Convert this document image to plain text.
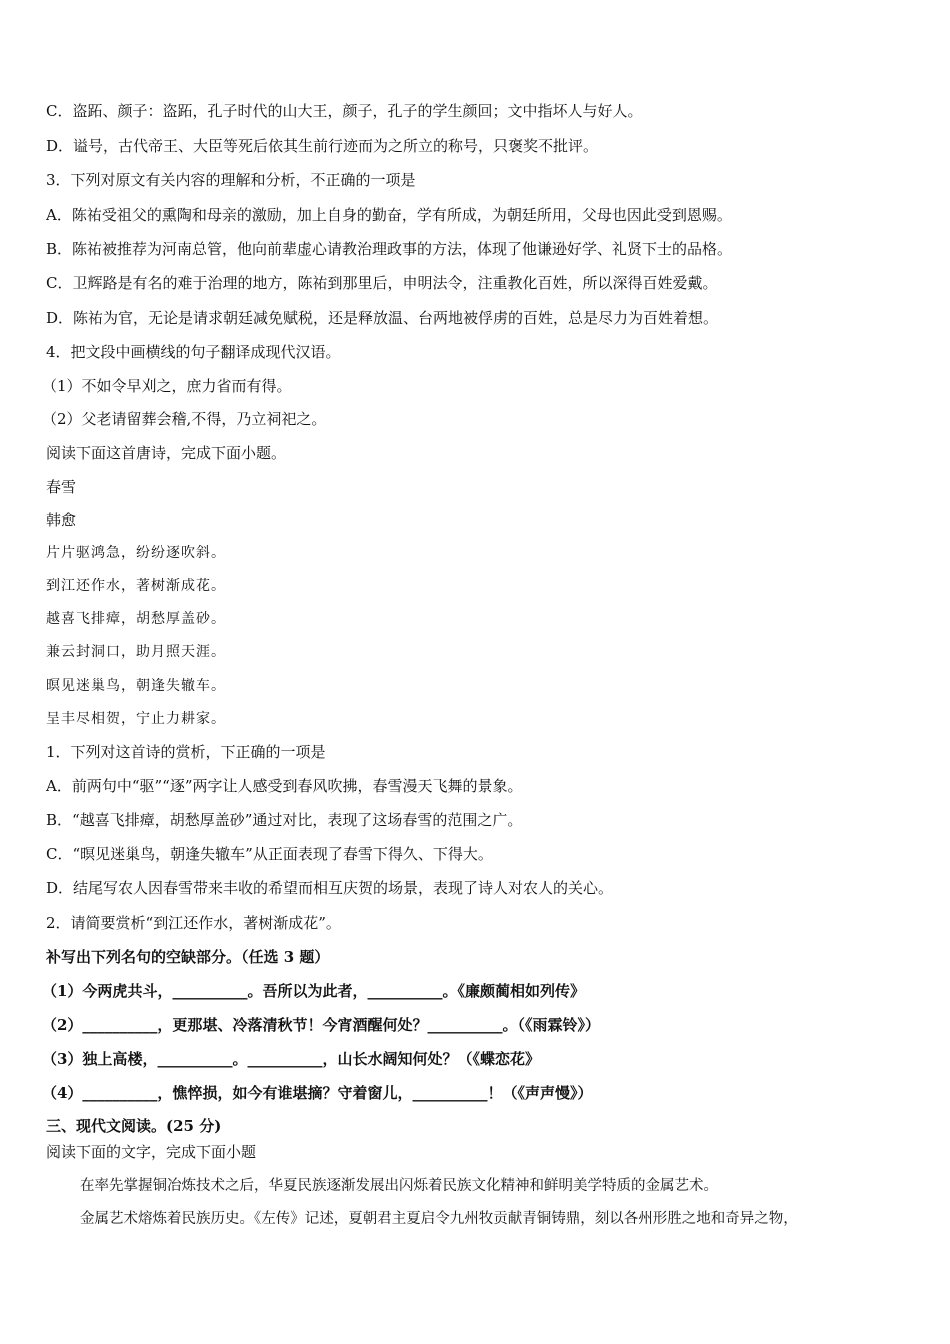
C．盗跖、颜子：盗跖，孔子时代的山大王，颜子，孔子的学生颜回；文中指坏人与好人。
D．谥号，古代帝王、大臣等死后依其生前行迹而为之所立的称号，只褒奖不批评。
3．下列对原文有关内容的理解和分析，不正确的一项是
A．陈祐受祖父的熏陶和母亲的激励，加上自身的勤奋，学有所成，为朝廷所用，父母也因此受到恩赐。
B．陈祐被推荐为河南总管，他向前辈虚心请教治理政事的方法，体现了他谦逊好学、礼贤下士的品格。
C．卫辉路是有名的难于治理的地方，陈祐到那里后，申明法令，注重教化百姓，所以深得百姓爱戴。
D．陈祐为官，无论是请求朝廷减免赋税，还是释放温、台两地被俘虏的百姓，总是尽力为百姓着想。
4．把文段中画横线的句子翻译成现代汉语。
（1）不如令早刈之，庶力省而有得。
（2）父老请留葬会稽,不得，乃立祠祀之。
阅读下面这首唐诗，完成下面小题。
春雪
韩愈
片片驱鸿急，纷纷逐吹斜。
到江还作水，著树渐成花。
越喜飞排瘴，胡愁厚盖砂。
兼云封洞口，助月照天涯。
暝见迷巢鸟，朝逢失辙车。
呈丰尽相贺，宁止力耕家。
1．下列对这首诗的赏析，下正确的一项是
A．前两句中“驱”“逐”两字让人感受到春风吹拂，春雪漫天飞舞的景象。
B．“越喜飞排瘴，胡愁厚盖砂”通过对比，表现了这场春雪的范围之广。
C．“暝见迷巢鸟，朝逢失辙车”从正面表现了春雪下得久、下得大。
D．结尾写农人因春雪带来丰收的希望而相互庆贺的场景，表现了诗人对农人的关心。
2．请简要赏析“到江还作水，著树渐成花”。
补写出下列名句的空缺部分。（任选 3 题）
（1）今两虎共斗，__________。吾所以为此者，__________。《廉颇蔺相如列传》
（2）__________，更那堪、冷落清秋节！今宵酒醒何处？__________。（《雨霖铃》）
（3）独上高楼，__________。__________，山长水阔知何处？（《蝶恋花》
（4）__________，憔悴损，如今有谁堪摘？守着窗儿，__________！（《声声慢》）
三、现代文阅读。(25 分)
阅读下面的文字，完成下面小题
在率先掌握铜冶炼技术之后，华夏民族逐渐发展出闪烁着民族文化精神和鲜明美学特质的金属艺术。
金属艺术熔炼着民族历史。《左传》记述，夏朝君主夏启令九州牧贡献青铜铸鼎，刻以各州形胜之地和奇异之物，
